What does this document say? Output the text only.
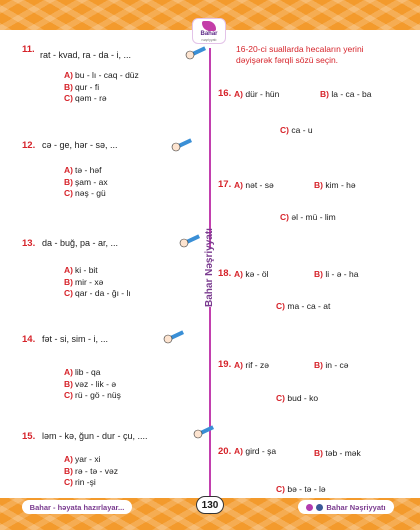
Bahar
nəşriyyatı
Bahar Nəşriyyatı
11. rat - kvad, ra - da - i, ...
A) bu - lı - caq - düz
B) qur - fi
C) qəm - rə
12. cə - ge, hər - sə, ...
A) tə - həf
B) şam - ax
C) nəş - gü
13. da - buğ, pa - ar, ...
A) ki - bit
B) mir - xə
C) qar - da - ğı - lı
14. fət - si, sim - i, ...
A) lib - qa
B) vəz - lik - ə
C) rü - gö - nüş
15. ləm - kə, ğun - dur - çu, ....
A) yar - xi
B) rə - tə - vəz
C) rin -şi
16-20-ci suallarda hecaların yerini dəyişərək fərqli sözü seçin.
16. A) dür - hün	B) la - ca - ba
C) ca - u
17. A) nət - sə	B) kim - hə
C) əl - mü - lim
18. A) kə - öl	B) li - ə - ha
C) ma - ca - at
19. A) rif - zə	B) in - cə
C) bud - ko
20. A) gird - şa	B) təb - mək
C) bə - tə - lə
Bahar - həyata hazırlayar...	130	Bahar Nəşriyyatı
